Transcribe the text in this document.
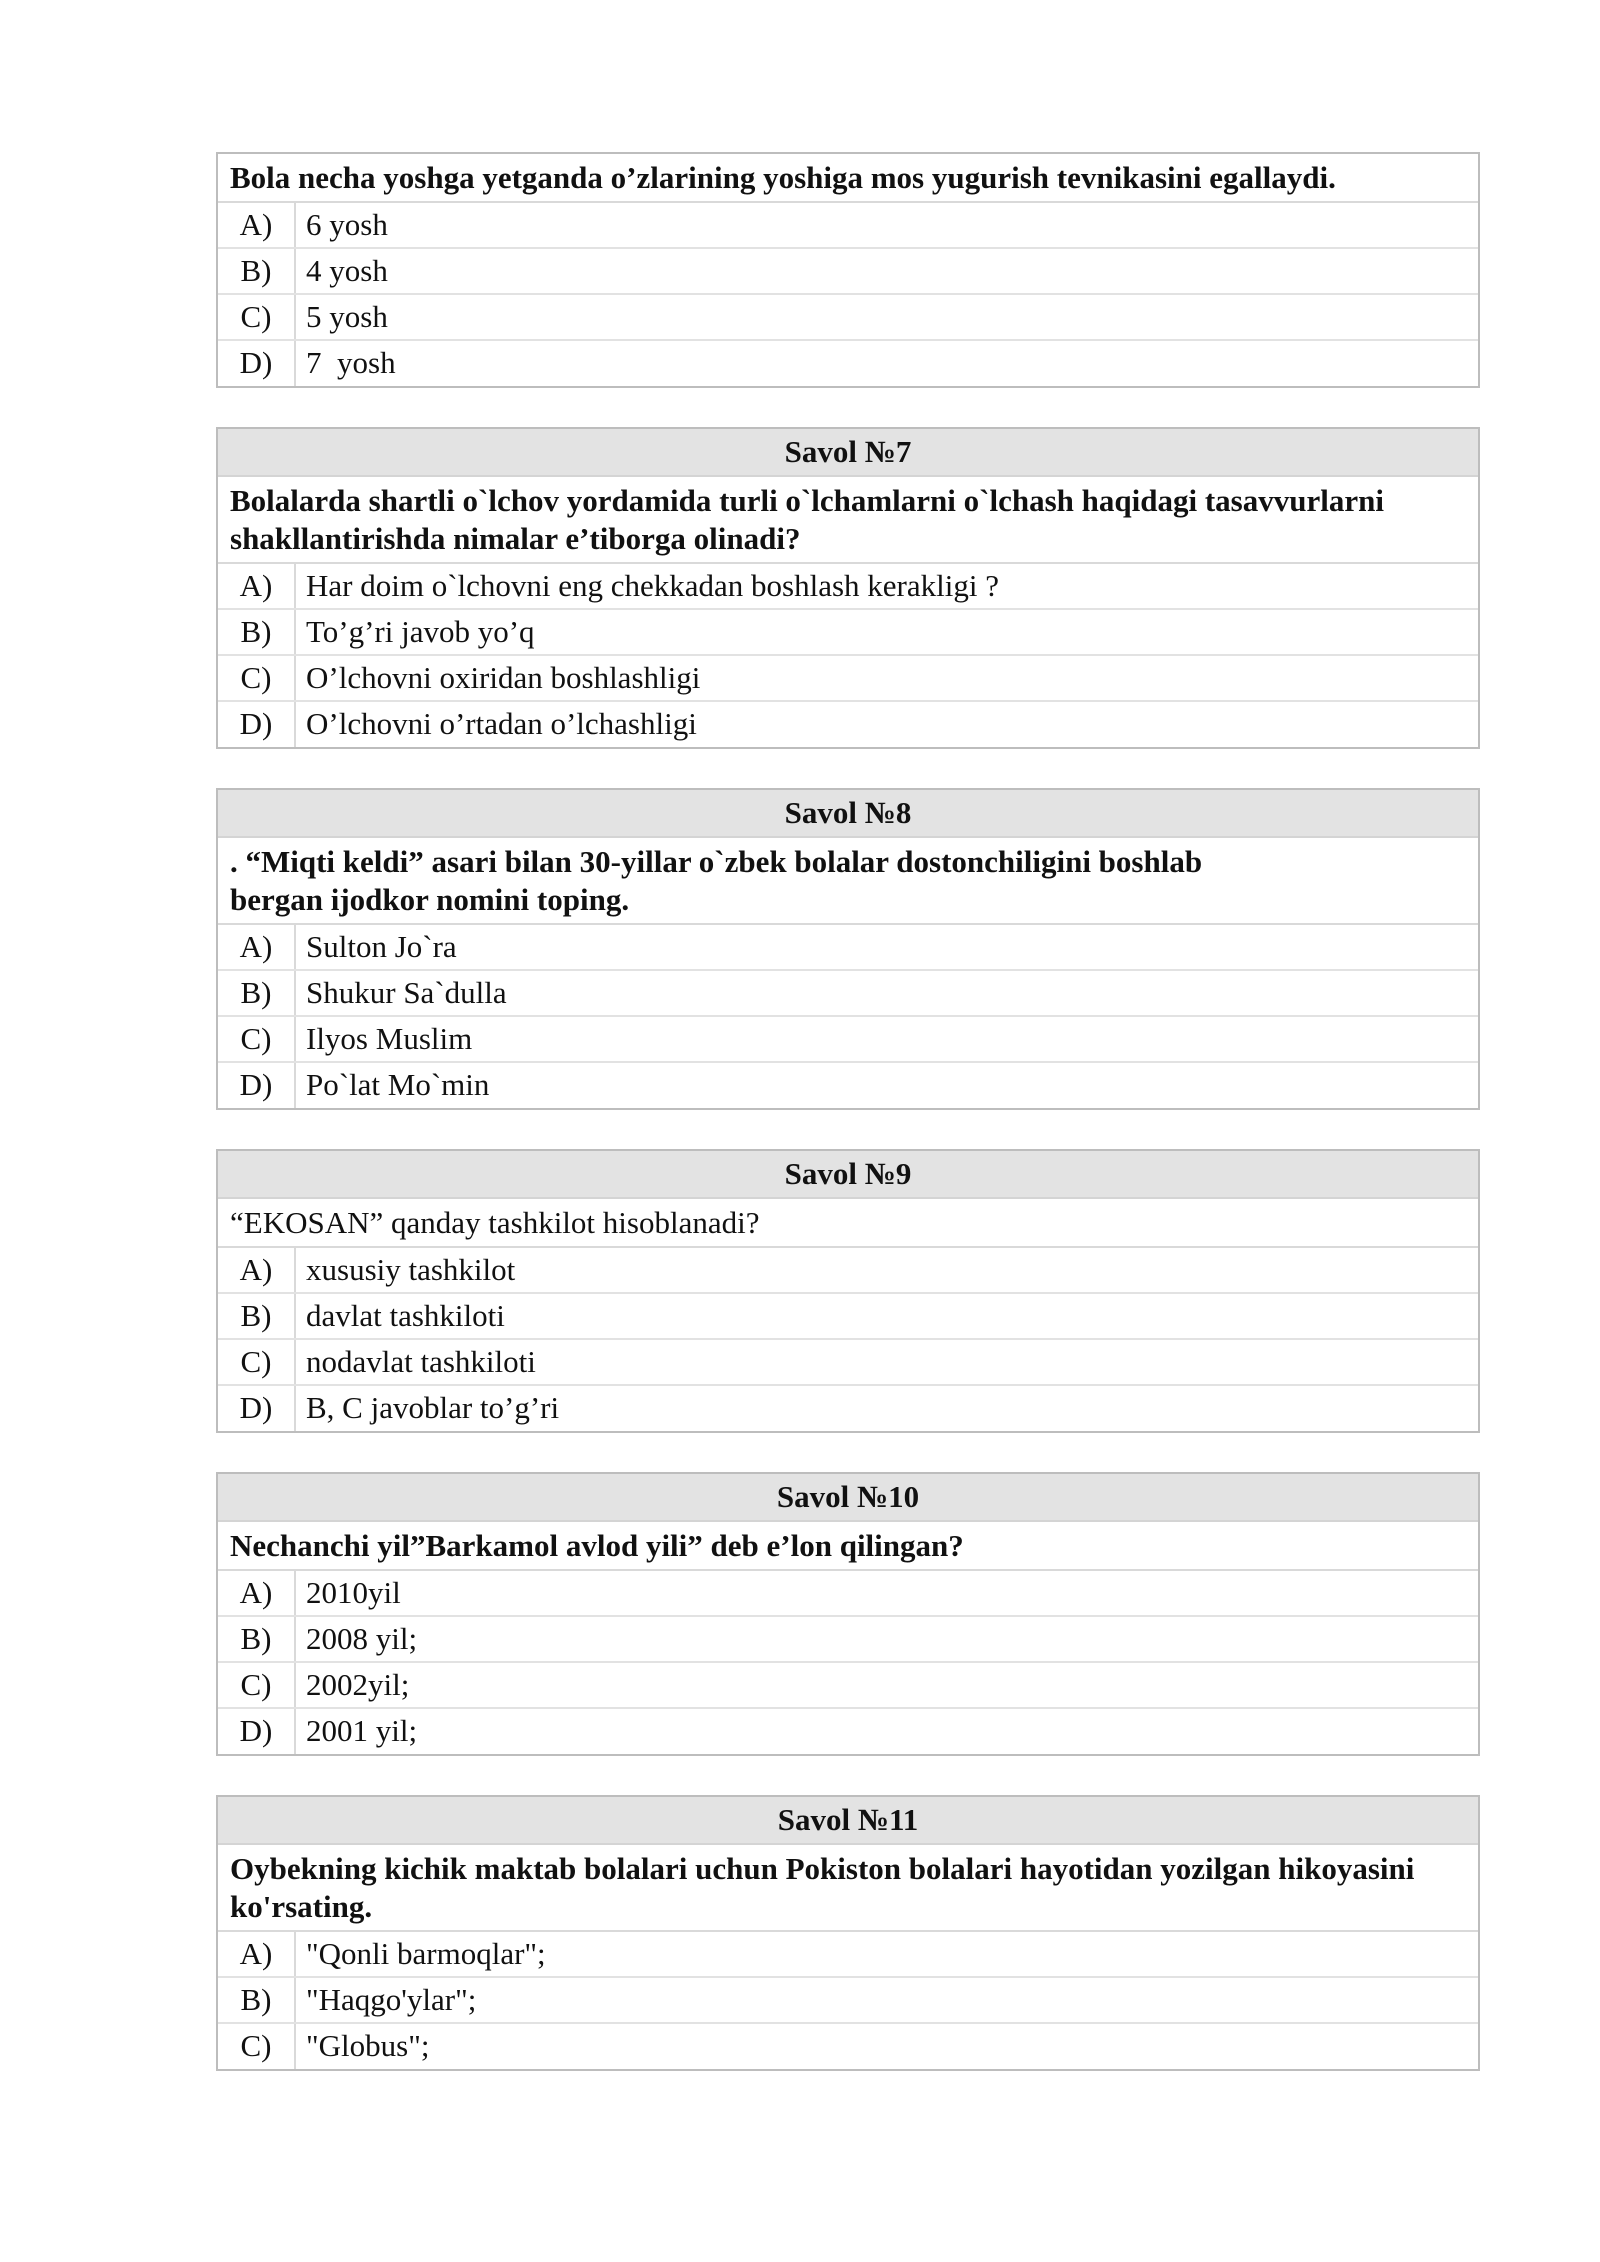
Bola necha yoshga yetganda o’zlarining yoshiga mos yugurish tevnikasini egallaydi.
A)	6 yosh
B)	4 yosh
C)	5 yosh
D)	7  yosh
Savol №7
Bolalarda shartli o`lchov yordamida turli o`lchamlarni o`lchash haqidagi tasavvurlarni shakllantirishda nimalar e’tiborga olinadi?
A)	Har doim o`lchovni eng chekkadan boshlash kerakligi ?
B)	To’g’ri javob yo’q
C)	O’lchovni oxiridan boshlashligi
D)	O’lchovni o’rtadan o’lchashligi
Savol №8
. “Miqti keldi” asari bilan 30-yillar o`zbek bolalar dostonchiligini boshlab bergan ijodkor nomini toping.
A)	Sulton Jo`ra
B)	Shukur Sa`dulla
C)	Ilyos Muslim
D)	Po`lat Mo`min
Savol №9
“EKOSAN” qanday tashkilot hisoblanadi?
A)	xususiy tashkilot
B)	davlat tashkiloti
C)	nodavlat tashkiloti
D)	B, C javoblar to’g’ri
Savol №10
Nechanchi yil”Barkamol avlod yili” deb e’lon qilingan?
A)	2010yil
B)	2008 yil;
C)	2002yil;
D)	2001 yil;
Savol №11
Oybekning kichik maktab bolalari uchun Pokiston bolalari hayotidan yozilgan hikoyasini ko'rsating.
A)	"Qonli barmoqlar";
B)	"Haqgo'ylar";
C)	"Globus";
